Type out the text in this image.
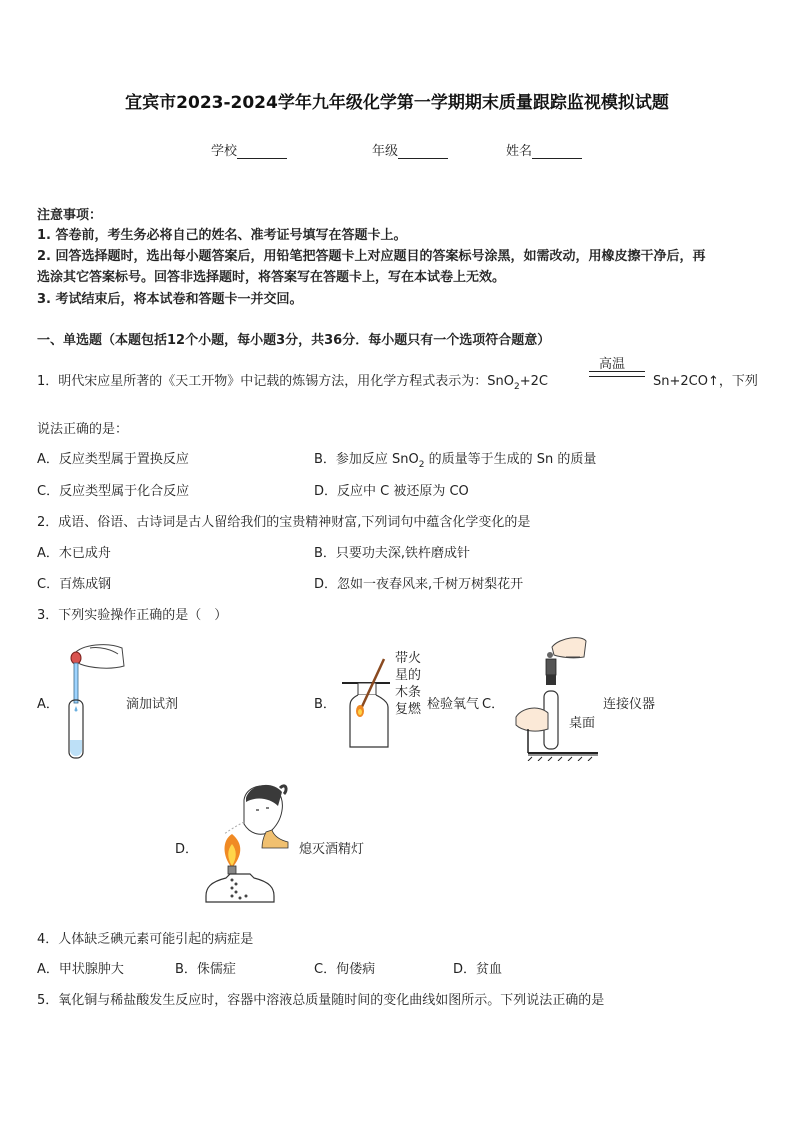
宜宾市2023-2024学年九年级化学第一学期期末质量跟踪监视模拟试题
学校	年级	姓名
注意事项：
1. 答卷前，考生务必将自己的姓名、准考证号填写在答题卡上。
2. 回答选择题时，选出每小题答案后，用铅笔把答题卡上对应题目的答案标号涂黑，如需改动，用橡皮擦干净后，再
选涂其它答案标号。回答非选择题时，将答案写在答题卡上，写在本试卷上无效。
3. 考试结束后，将本试卷和答题卡一并交回。
一、单选题（本题包括12个小题，每小题3分，共36分．每小题只有一个选项符合题意）
1．明代宋应星所著的《天工开物》中记载的炼锡方法，用化学方程式表示为：SnO$_2$+2C
高温
Sn+2CO↑，下列
说法正确的是：
A．反应类型属于置换反应	B．参加反应 SnO$_2$ 的质量等于生成的 Sn 的质量
C．反应类型属于化合反应	D．反应中 C 被还原为 CO
2．成语、俗语、古诗词是古人留给我们的宝贵精神财富,下列词句中蕴含化学变化的是
A．木已成舟	B．只要功夫深,铁杵磨成针
C．百炼成钢	D．忽如一夜春风来,千树万树梨花开
3．下列实验操作正确的是（　）
A．	滴加试剂	B．
带火
星的
木条
复燃 检验氧气 C．
桌面
连接仪器
D．	熄灭酒精灯
4．人体缺乏碘元素可能引起的病症是
A．甲状腺肿大	B．侏儒症	C．佝偻病	D．贫血
5．氧化铜与稀盐酸发生反应时，容器中溶液总质量随时间的变化曲线如图所示。下列说法正确的是
